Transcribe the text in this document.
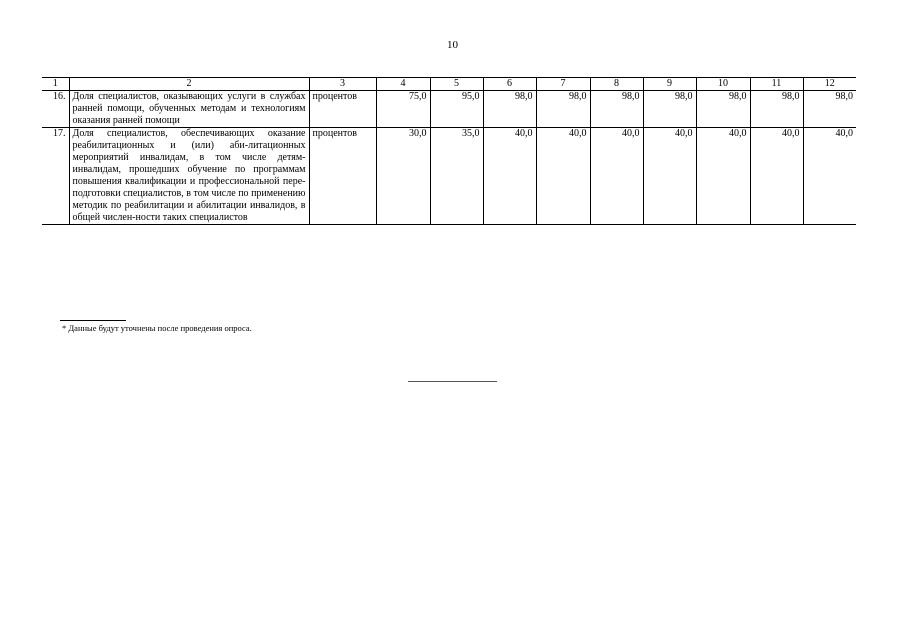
10
1	2	3	4	5	6	7	8	9	10	11	12
16.	Доля специалистов, оказывающих услуги в службах ранней помощи, обученных методам и технологиям оказания ранней помощи	процентов	75,0	95,0	98,0	98,0	98,0	98,0	98,0	98,0	98,0
17.	Доля специалистов, обеспечивающих оказание реабилитационных и (или) аби-литационных мероприятий инвалидам, в том числе детям-инвалидам, прошедших обучение по программам повышения квалификации и профессиональной пере-подготовки специалистов, в том числе по применению методик по реабилитации и абилитации инвалидов, в общей числен-ности таких специалистов	процентов	30,0	35,0	40,0	40,0	40,0	40,0	40,0	40,0	40,0
* Данные будут уточнены после проведения опроса.
